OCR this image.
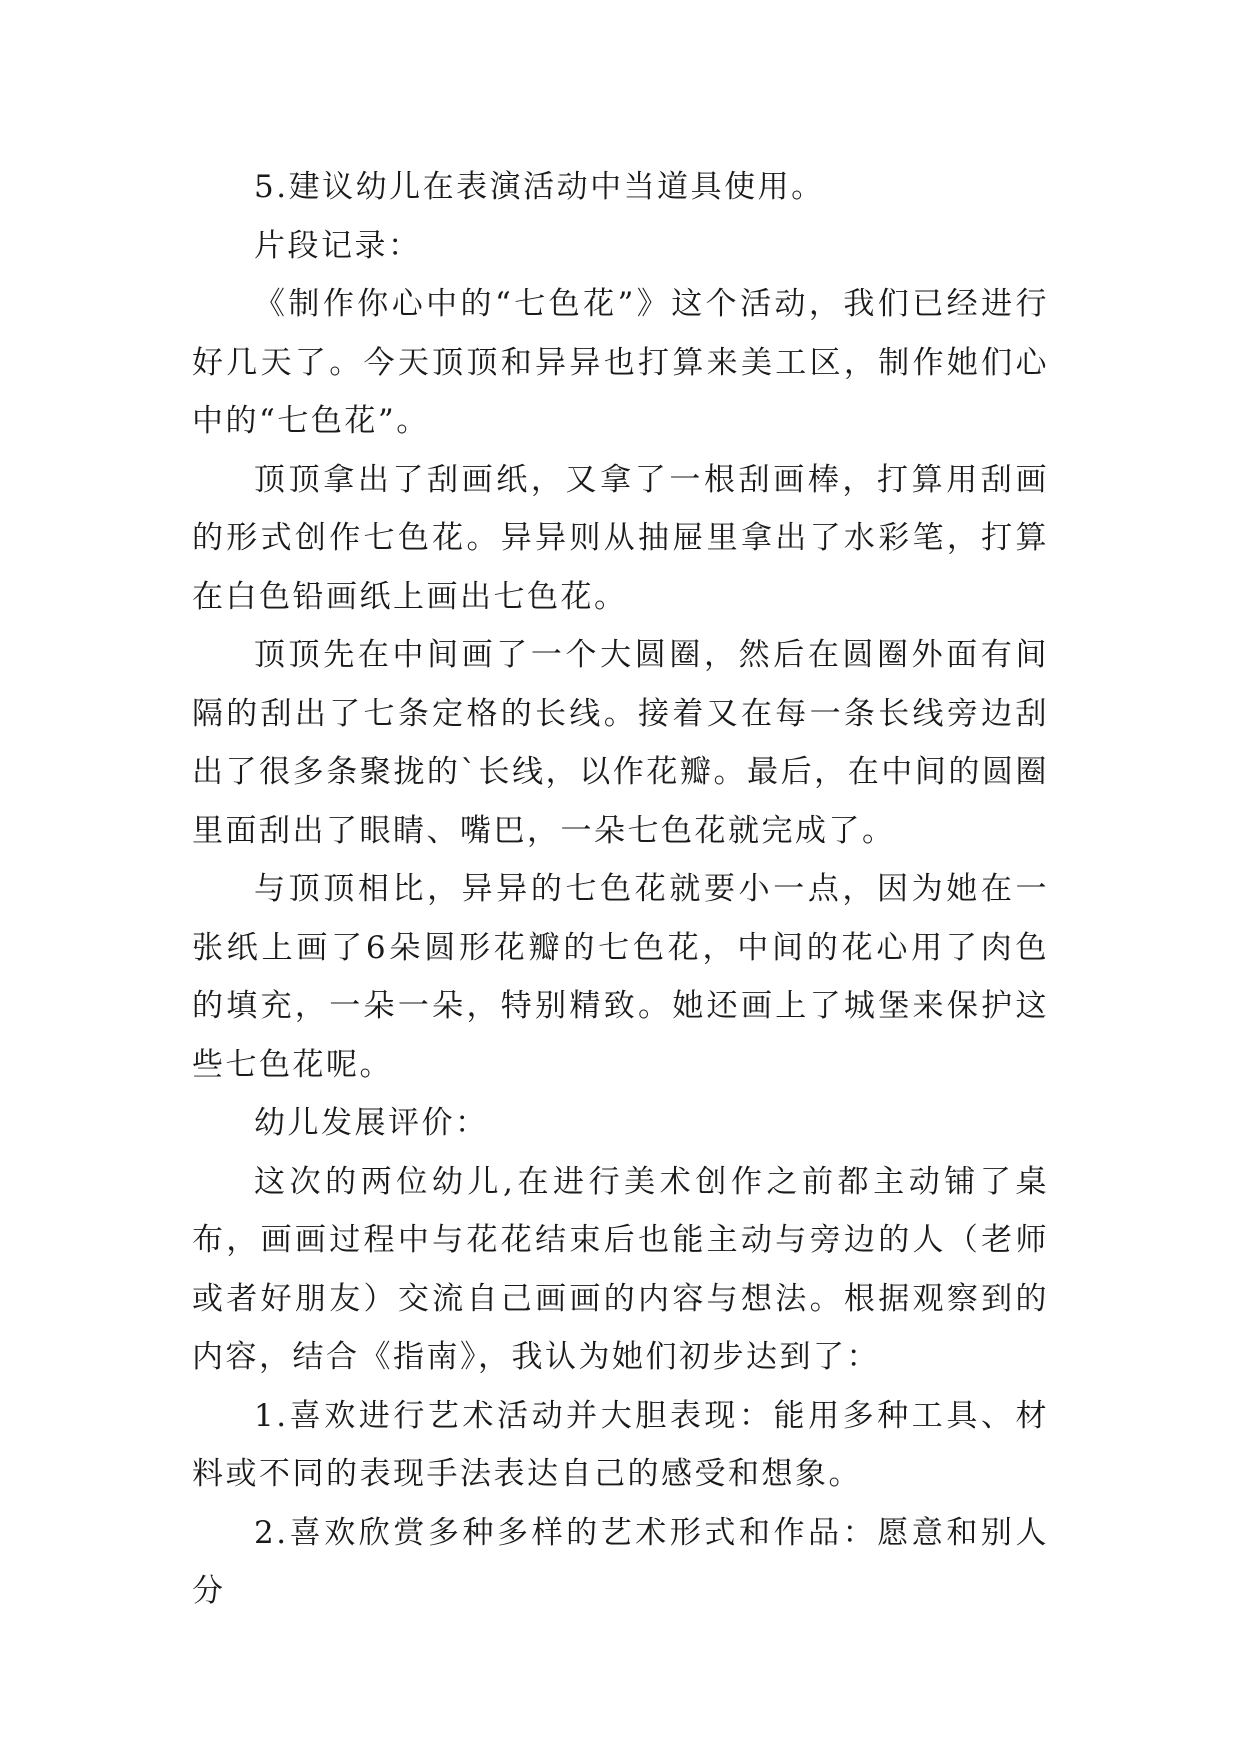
5.建议幼儿在表演活动中当道具使用。

片段记录：

《制作你心中的“七色花”》这个活动，我们已经进行好几天了。今天顶顶和异异也打算来美工区，制作她们心中的“七色花”。

顶顶拿出了刮画纸，又拿了一根刮画棒，打算用刮画的形式创作七色花。异异则从抽屉里拿出了水彩笔，打算在白色铅画纸上画出七色花。

顶顶先在中间画了一个大圆圈，然后在圆圈外面有间隔的刮出了七条定格的长线。接着又在每一条长线旁边刮出了很多条聚拢的`长线，以作花瓣。最后，在中间的圆圈里面刮出了眼睛、嘴巴，一朵七色花就完成了。

与顶顶相比，异异的七色花就要小一点，因为她在一张纸上画了6朵圆形花瓣的七色花，中间的花心用了肉色的填充，一朵一朵，特别精致。她还画上了城堡来保护这些七色花呢。

幼儿发展评价：

这次的两位幼儿,在进行美术创作之前都主动铺了桌布，画画过程中与花花结束后也能主动与旁边的人（老师或者好朋友）交流自己画画的内容与想法。根据观察到的内容，结合《指南》，我认为她们初步达到了：

1.喜欢进行艺术活动并大胆表现：能用多种工具、材料或不同的表现手法表达自己的感受和想象。

2.喜欢欣赏多种多样的艺术形式和作品：愿意和别人分
